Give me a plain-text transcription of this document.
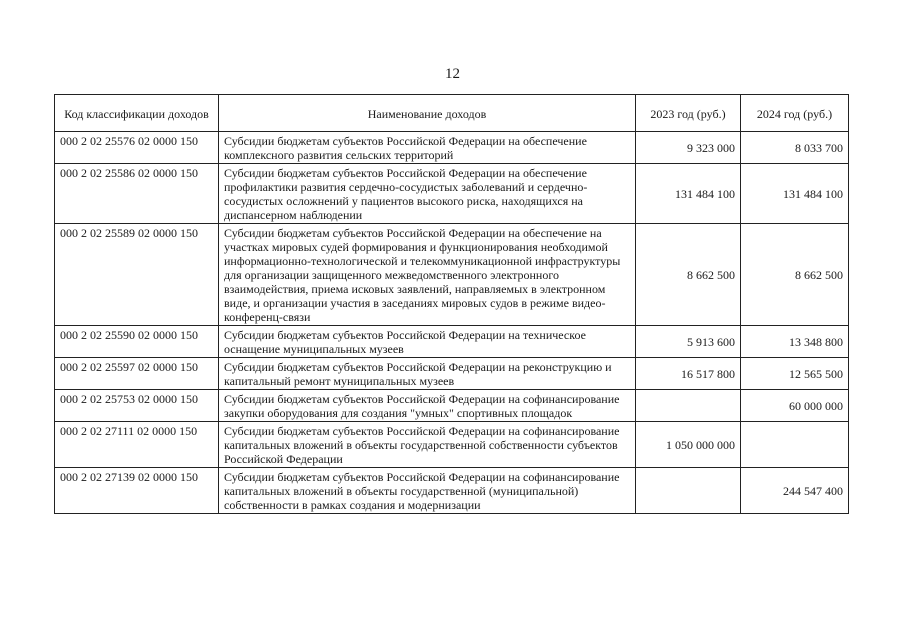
12
Код классификации доходов	Наименование доходов	2023 год (руб.)	2024 год (руб.)
000 2 02 25576 02 0000 150	Субсидии бюджетам субъектов Российской Федерации на обеспечение комплексного развития сельских территорий	9 323 000	8 033 700
000 2 02 25586 02 0000 150	Субсидии бюджетам субъектов Российской Федерации на обеспечение профилактики развития сердечно-сосудистых заболеваний и сердечно-сосудистых осложнений у пациентов высокого риска, находящихся на диспансерном наблюдении	131 484 100	131 484 100
000 2 02 25589 02 0000 150	Субсидии бюджетам субъектов Российской Федерации на обеспечение на участках мировых судей формирования и функционирования необходимой информационно-технологической и телекоммуникационной инфраструктуры для организации защищенного межведомственного электронного взаимодействия, приема исковых заявлений, направляемых в электронном виде, и организации участия в заседаниях мировых судов в режиме видео-конференц-связи	8 662 500	8 662 500
000 2 02 25590 02 0000 150	Субсидии бюджетам субъектов Российской Федерации на техническое оснащение муниципальных музеев	5 913 600	13 348 800
000 2 02 25597 02 0000 150	Субсидии бюджетам субъектов Российской Федерации на реконструкцию и капитальный ремонт муниципальных музеев	16 517 800	12 565 500
000 2 02 25753 02 0000 150	Субсидии бюджетам субъектов Российской Федерации на софинансирование закупки оборудования для создания "умных" спортивных площадок		60 000 000
000 2 02 27111 02 0000 150	Субсидии бюджетам субъектов Российской Федерации на софинансирование капитальных вложений в объекты государственной собственности субъектов Российской Федерации	1 050 000 000	
000 2 02 27139 02 0000 150	Субсидии бюджетам субъектов Российской Федерации на софинансирование капитальных вложений в объекты государственной (муниципальной) собственности в рамках создания и модернизации		244 547 400
